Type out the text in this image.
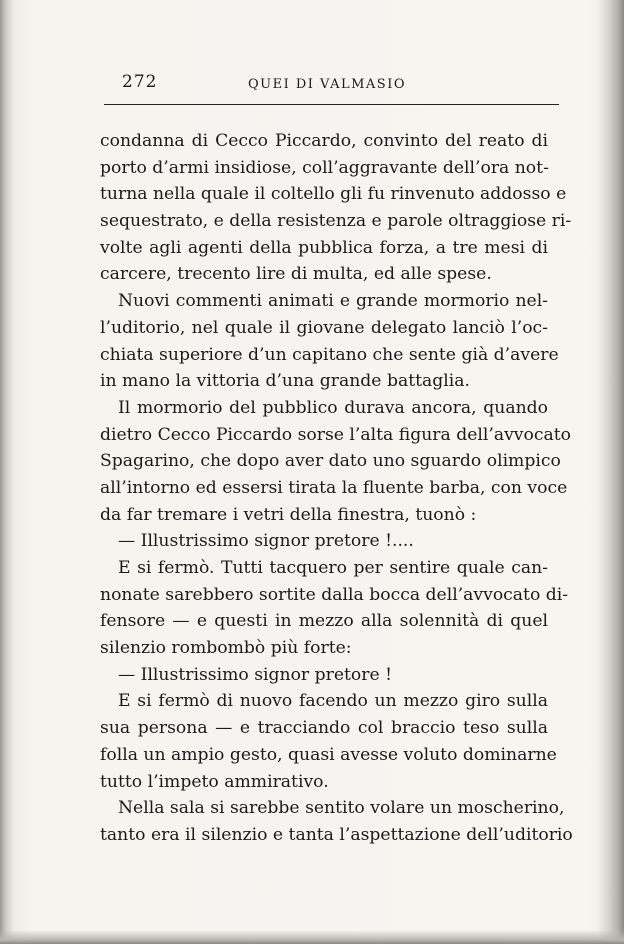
272	QUEI DI VALMASIO
condanna di Cecco Piccardo, convinto del reato di
porto d’armi insidiose, coll’aggravante dell’ora not-
turna nella quale il coltello gli fu rinvenuto addosso e
sequestrato, e della resistenza e parole oltraggiose ri-
volte agli agenti della pubblica forza, a tre mesi di
carcere, trecento lire di multa, ed alle spese.
Nuovi commenti animati e grande mormorio nel-
l’uditorio, nel quale il giovane delegato lanciò l’oc-
chiata superiore d’un capitano che sente già d’avere
in mano la vittoria d’una grande battaglia.
Il mormorio del pubblico durava ancora, quando
dietro Cecco Piccardo sorse l’alta figura dell’avvocato
Spagarino, che dopo aver dato uno sguardo olimpico
all’intorno ed essersi tirata la fluente barba, con voce
da far tremare i vetri della finestra, tuonò :
— Illustrissimo signor pretore !....
E si fermò. Tutti tacquero per sentire quale can-
nonate sarebbero sortite dalla bocca dell’avvocato di-
fensore — e questi in mezzo alla solennità di quel
silenzio rombombò più forte:
— Illustrissimo signor pretore !
E si fermò di nuovo facendo un mezzo giro sulla
sua persona — e tracciando col braccio teso sulla
folla un ampio gesto, quasi avesse voluto dominarne
tutto l’impeto ammirativo.
Nella sala si sarebbe sentito volare un moscherino,
tanto era il silenzio e tanta l’aspettazione dell’uditorio
